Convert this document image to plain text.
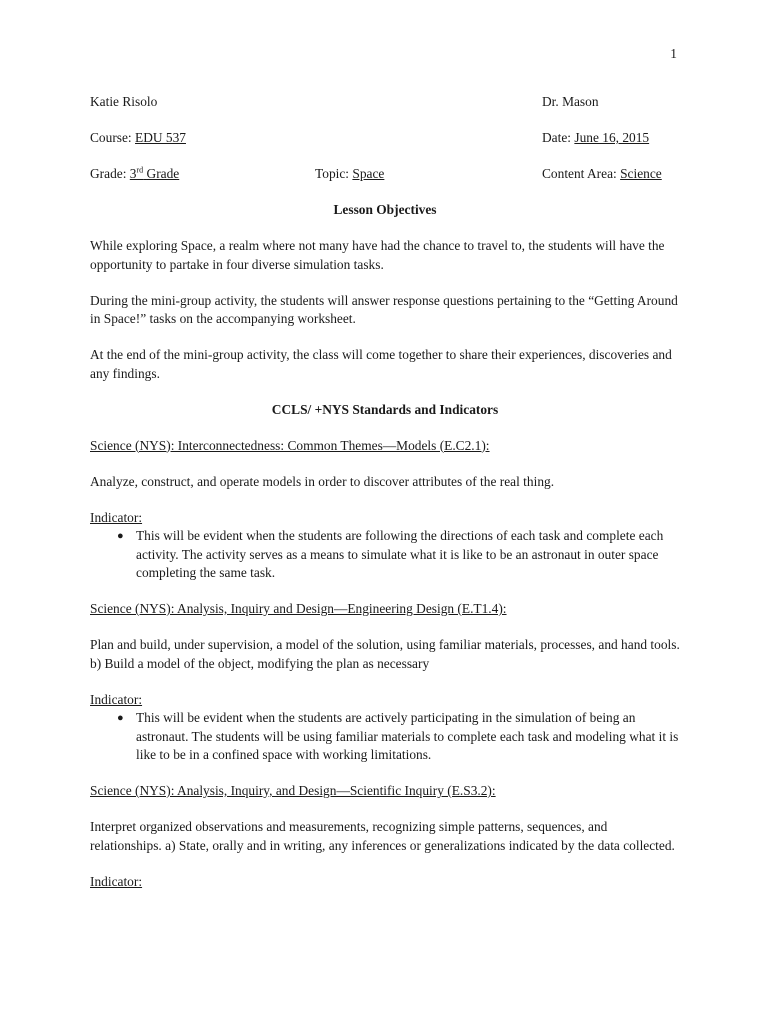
1
Katie Risolo	Dr. Mason
Course: EDU 537	Date: June 16, 2015
Grade: 3rd Grade	Topic: Space	Content Area: Science
Lesson Objectives

While exploring Space, a realm where not many have had the chance to travel to, the students will have the opportunity to partake in four diverse simulation tasks.

During the mini-group activity, the students will answer response questions pertaining to the “Getting Around in Space!” tasks on the accompanying worksheet.

At the end of the mini-group activity, the class will come together to share their experiences, discoveries and any findings.

CCLS/ +NYS Standards and Indicators
Science (NYS): Interconnectedness: Common Themes—Models (E.C2.1):

Analyze, construct, and operate models in order to discover attributes of the real thing.

Indicator:
● This will be evident when the students are following the directions of each task and complete each activity. The activity serves as a means to simulate what it is like to be an astronaut in outer space completing the same task.
Science (NYS): Analysis, Inquiry and Design—Engineering Design (E.T1.4):

Plan and build, under supervision, a model of the solution, using familiar materials, processes, and hand tools. b) Build a model of the object, modifying the plan as necessary

Indicator:
● This will be evident when the students are actively participating in the simulation of being an astronaut. The students will be using familiar materials to complete each task and modeling what it is like to be in a confined space with working limitations.
Science (NYS): Analysis, Inquiry, and Design—Scientific Inquiry (E.S3.2):

Interpret organized observations and measurements, recognizing simple patterns, sequences, and relationships. a) State, orally and in writing, any inferences or generalizations indicated by the data collected.

Indicator:
